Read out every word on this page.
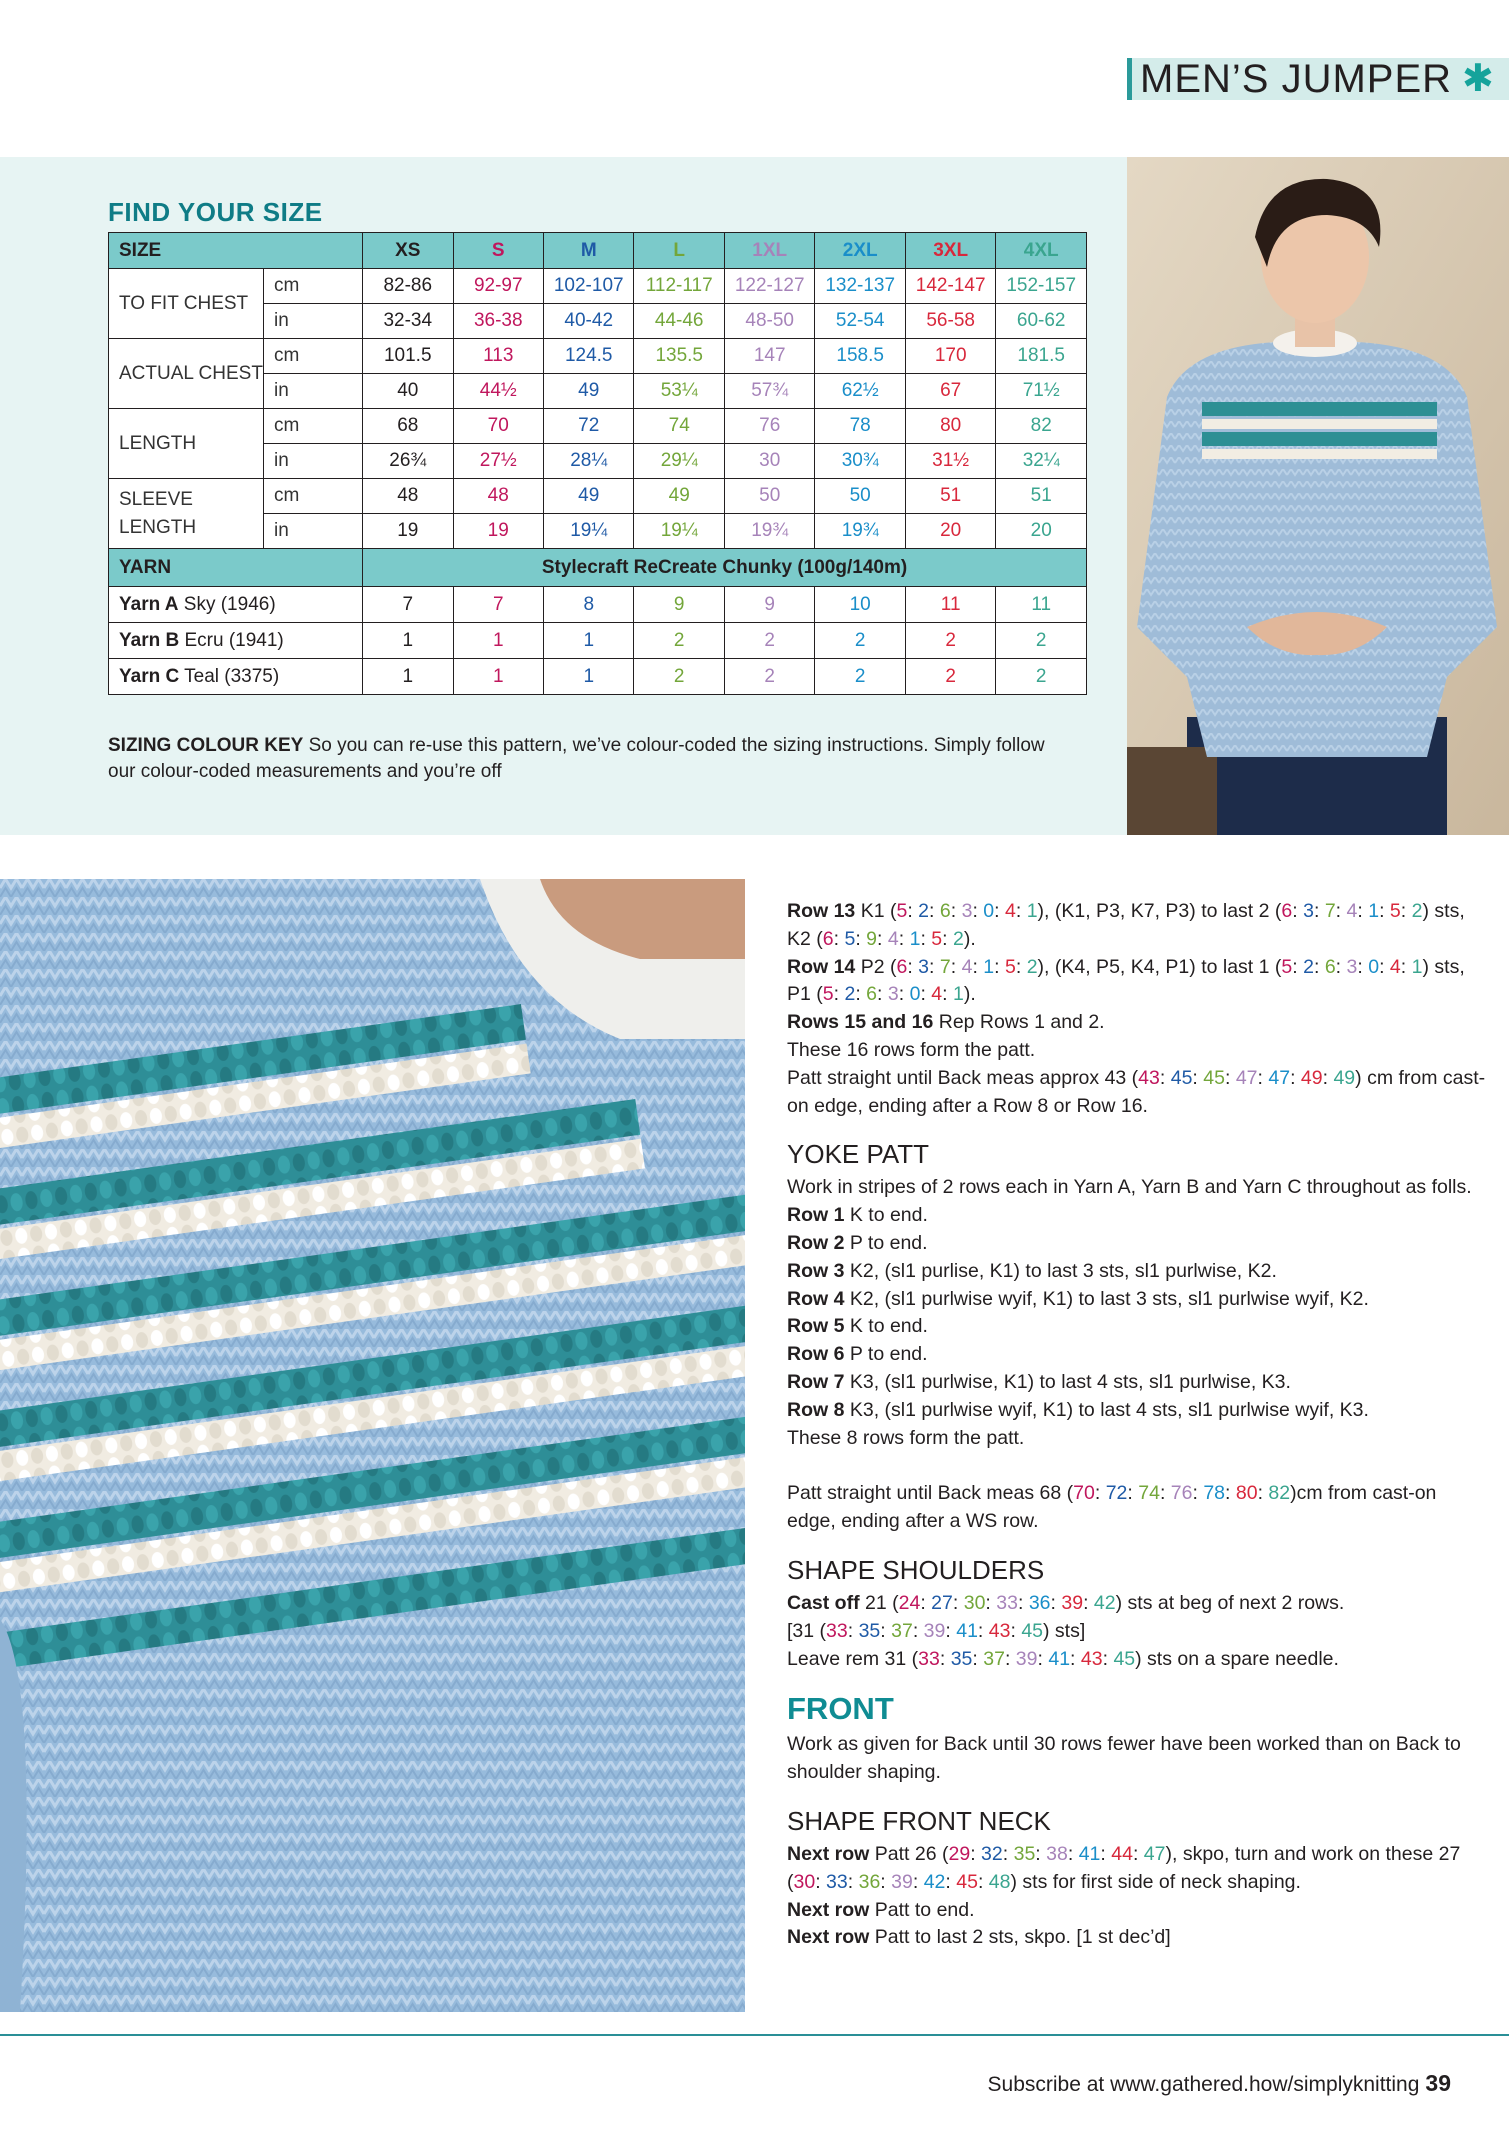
MEN’S JUMPER ✱
FIND YOUR SIZE
SIZE		XS	S	M	L	1XL	2XL	3XL	4XL
TO FIT CHEST	cm	82-86	92-97	102-107	112-117	122-127	132-137	142-147	152-157
	in	32-34	36-38	40-42	44-46	48-50	52-54	56-58	60-62
ACTUAL CHEST	cm	101.5	113	124.5	135.5	147	158.5	170	181.5
	in	40	44½	49	53¼	57¾	62½	67	71½
LENGTH	cm	68	70	72	74	76	78	80	82
	in	26¾	27½	28¼	29¼	30	30¾	31½	32¼
SLEEVE LENGTH	cm	48	48	49	49	50	50	51	51
	in	19	19	19¼	19¼	19¾	19¾	20	20
YARN		Stylecraft ReCreate Chunky (100g/140m)							
Yarn A Sky (1946)		7	7	8	9	9	10	11	11
Yarn B Ecru (1941)		1	1	1	2	2	2	2	2
Yarn C Teal (3375)		1	1	1	2	2	2	2	2
SIZING COLOUR KEY So you can re-use this pattern, we’ve colour-coded the sizing instructions. Simply follow our colour-coded measurements and you’re off

Row 13 K1 (5: 2: 6: 3: 0: 4: 1), (K1, P3, K7, P3) to last 2 (6: 3: 7: 4: 1: 5: 2) sts, K2 (6: 5: 9: 4: 1: 5: 2).

Row 14 P2 (6: 3: 7: 4: 1: 5: 2), (K4, P5, K4, P1) to last 1 (5: 2: 6: 3: 0: 4: 1) sts, P1 (5: 2: 6: 3: 0: 4: 1).

Rows 15 and 16 Rep Rows 1 and 2.

These 16 rows form the patt.

Patt straight until Back meas approx 43 (43: 45: 45: 47: 47: 49: 49) cm from cast-on edge, ending after a Row 8 or Row 16.

YOKE PATT

Work in stripes of 2 rows each in Yarn A, Yarn B and Yarn C throughout as folls.

Row 1 K to end.

Row 2 P to end.

Row 3 K2, (sl1 purlise, K1) to last 3 sts, sl1 purlwise, K2.

Row 4 K2, (sl1 purlwise wyif, K1) to last 3 sts, sl1 purlwise wyif, K2.

Row 5 K to end.

Row 6 P to end.

Row 7 K3, (sl1 purlwise, K1) to last 4 sts, sl1 purlwise, K3.

Row 8 K3, (sl1 purlwise wyif, K1) to last 4 sts, sl1 purlwise wyif, K3.

These 8 rows form the patt.

Patt straight until Back meas 68 (70: 72: 74: 76: 78: 80: 82)cm from cast-on edge, ending after a WS row.

SHAPE SHOULDERS

Cast off 21 (24: 27: 30: 33: 36: 39: 42) sts at beg of next 2 rows.

[31 (33: 35: 37: 39: 41: 43: 45) sts]

Leave rem 31 (33: 35: 37: 39: 41: 43: 45) sts on a spare needle.

FRONT

Work as given for Back until 30 rows fewer have been worked than on Back to shoulder shaping.

SHAPE FRONT NECK

Next row Patt 26 (29: 32: 35: 38: 41: 44: 47), skpo, turn and work on these 27 (30: 33: 36: 39: 42: 45: 48) sts for first side of neck shaping.

Next row Patt to end.

Next row Patt to last 2 sts, skpo. [1 st dec’d]

Subscribe at www.gathered.how/simplyknitting 39
